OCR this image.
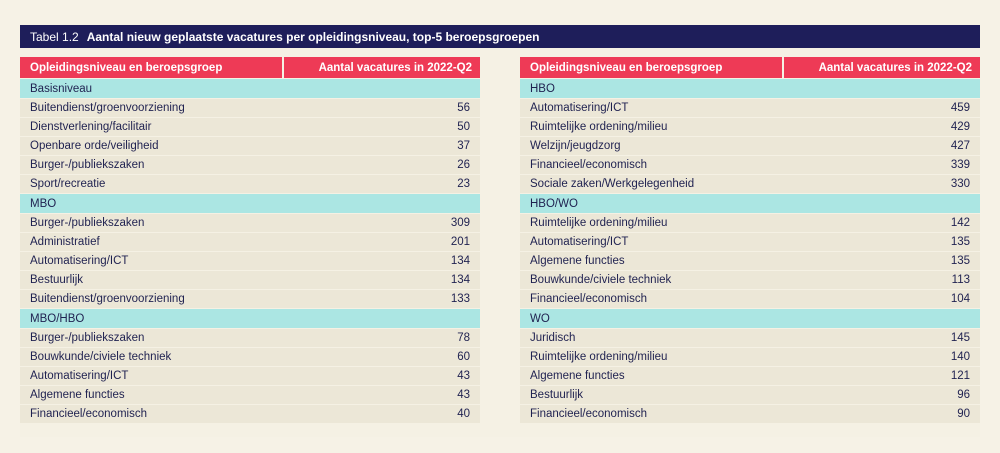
Tabel 1.2 Aantal nieuw geplaatste vacatures per opleidingsniveau, top-5 beroepsgroepen
Opleidingsniveau en beroepsgroep	Aantal vacatures in 2022-Q2
Basisniveau
Buitendienst/groenvoorziening	56
Dienstverlening/facilitair	50
Openbare orde/veiligheid	37
Burger-/publiekszaken	26
Sport/recreatie	23
MBO
Burger-/publiekszaken	309
Administratief	201
Automatisering/ICT	134
Bestuurlijk	134
Buitendienst/groenvoorziening	133
MBO/HBO
Burger-/publiekszaken	78
Bouwkunde/civiele techniek	60
Automatisering/ICT	43
Algemene functies	43
Financieel/economisch	40
Opleidingsniveau en beroepsgroep	Aantal vacatures in 2022-Q2
HBO
Automatisering/ICT	459
Ruimtelijke ordening/milieu	429
Welzijn/jeugdzorg	427
Financieel/economisch	339
Sociale zaken/Werkgelegenheid	330
HBO/WO
Ruimtelijke ordening/milieu	142
Automatisering/ICT	135
Algemene functies	135
Bouwkunde/civiele techniek	113
Financieel/economisch	104
WO
Juridisch	145
Ruimtelijke ordening/milieu	140
Algemene functies	121
Bestuurlijk	96
Financieel/economisch	90
